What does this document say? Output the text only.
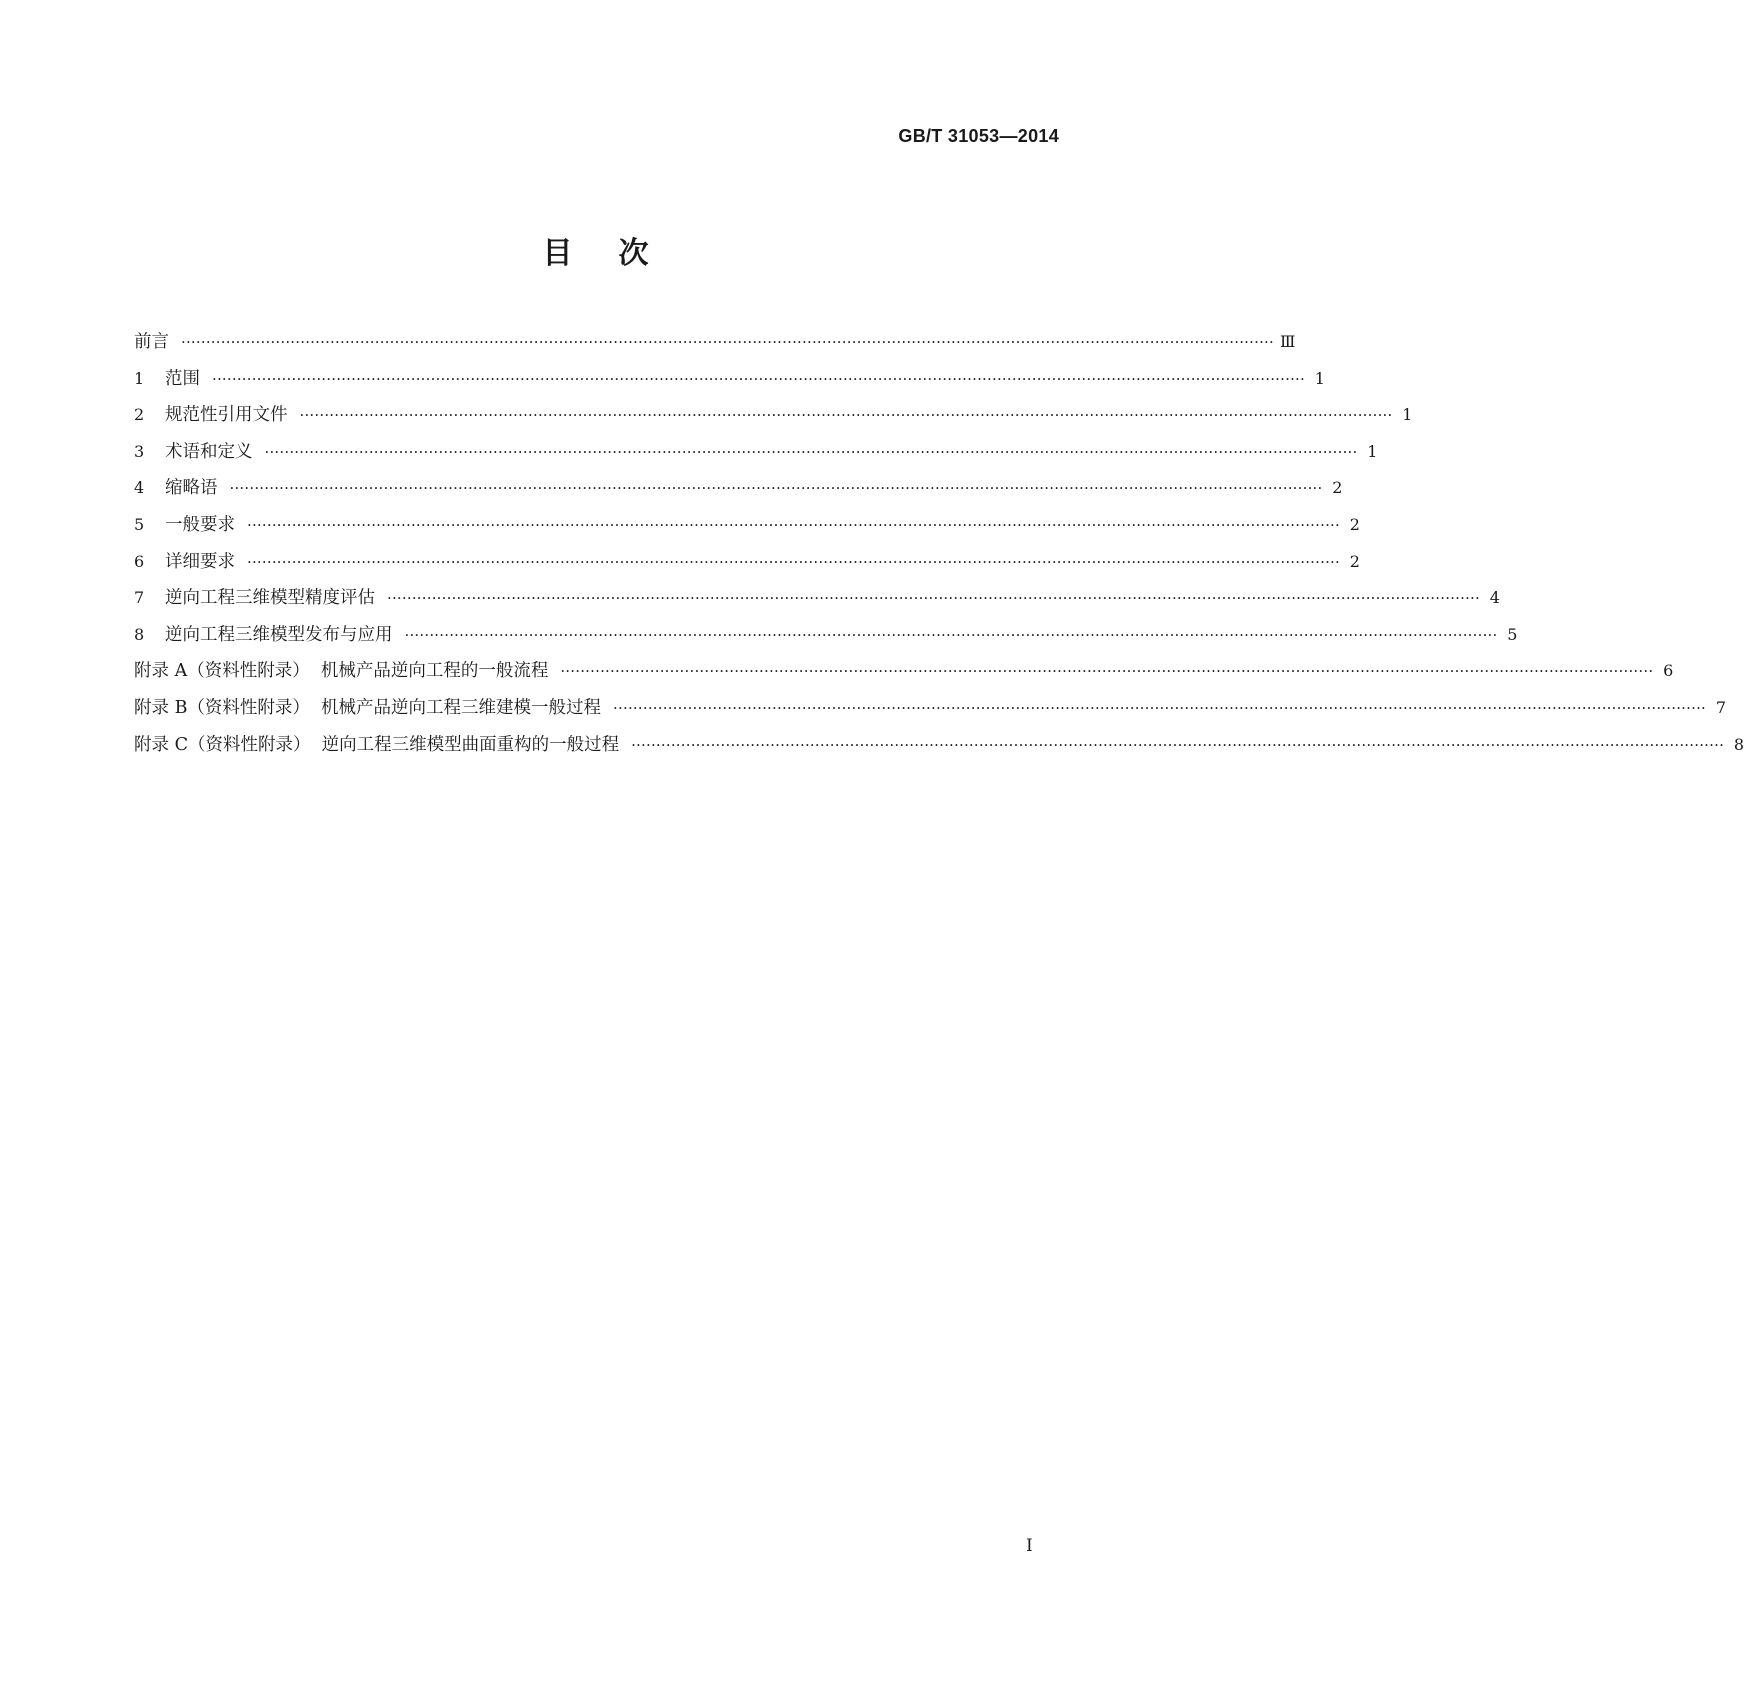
GB/T 31053—2014
目次
前言 ···························································································································································································································· Ⅲ
1	范围 ···························································································································································································································· 1
2	规范性引用文件 ···························································································································································································································· 1
3	术语和定义 ···························································································································································································································· 1
4	缩略语 ···························································································································································································································· 2
5	一般要求 ···························································································································································································································· 2
6	详细要求 ···························································································································································································································· 2
7	逆向工程三维模型精度评估 ···························································································································································································································· 4
8	逆向工程三维模型发布与应用 ···························································································································································································································· 5
附录 A（资料性附录）  机械产品逆向工程的一般流程 ···························································································································································································································· 6
附录 B（资料性附录）  机械产品逆向工程三维建模一般过程 ···························································································································································································································· 7
附录 C（资料性附录）  逆向工程三维模型曲面重构的一般过程 ···························································································································································································································· 8
I
